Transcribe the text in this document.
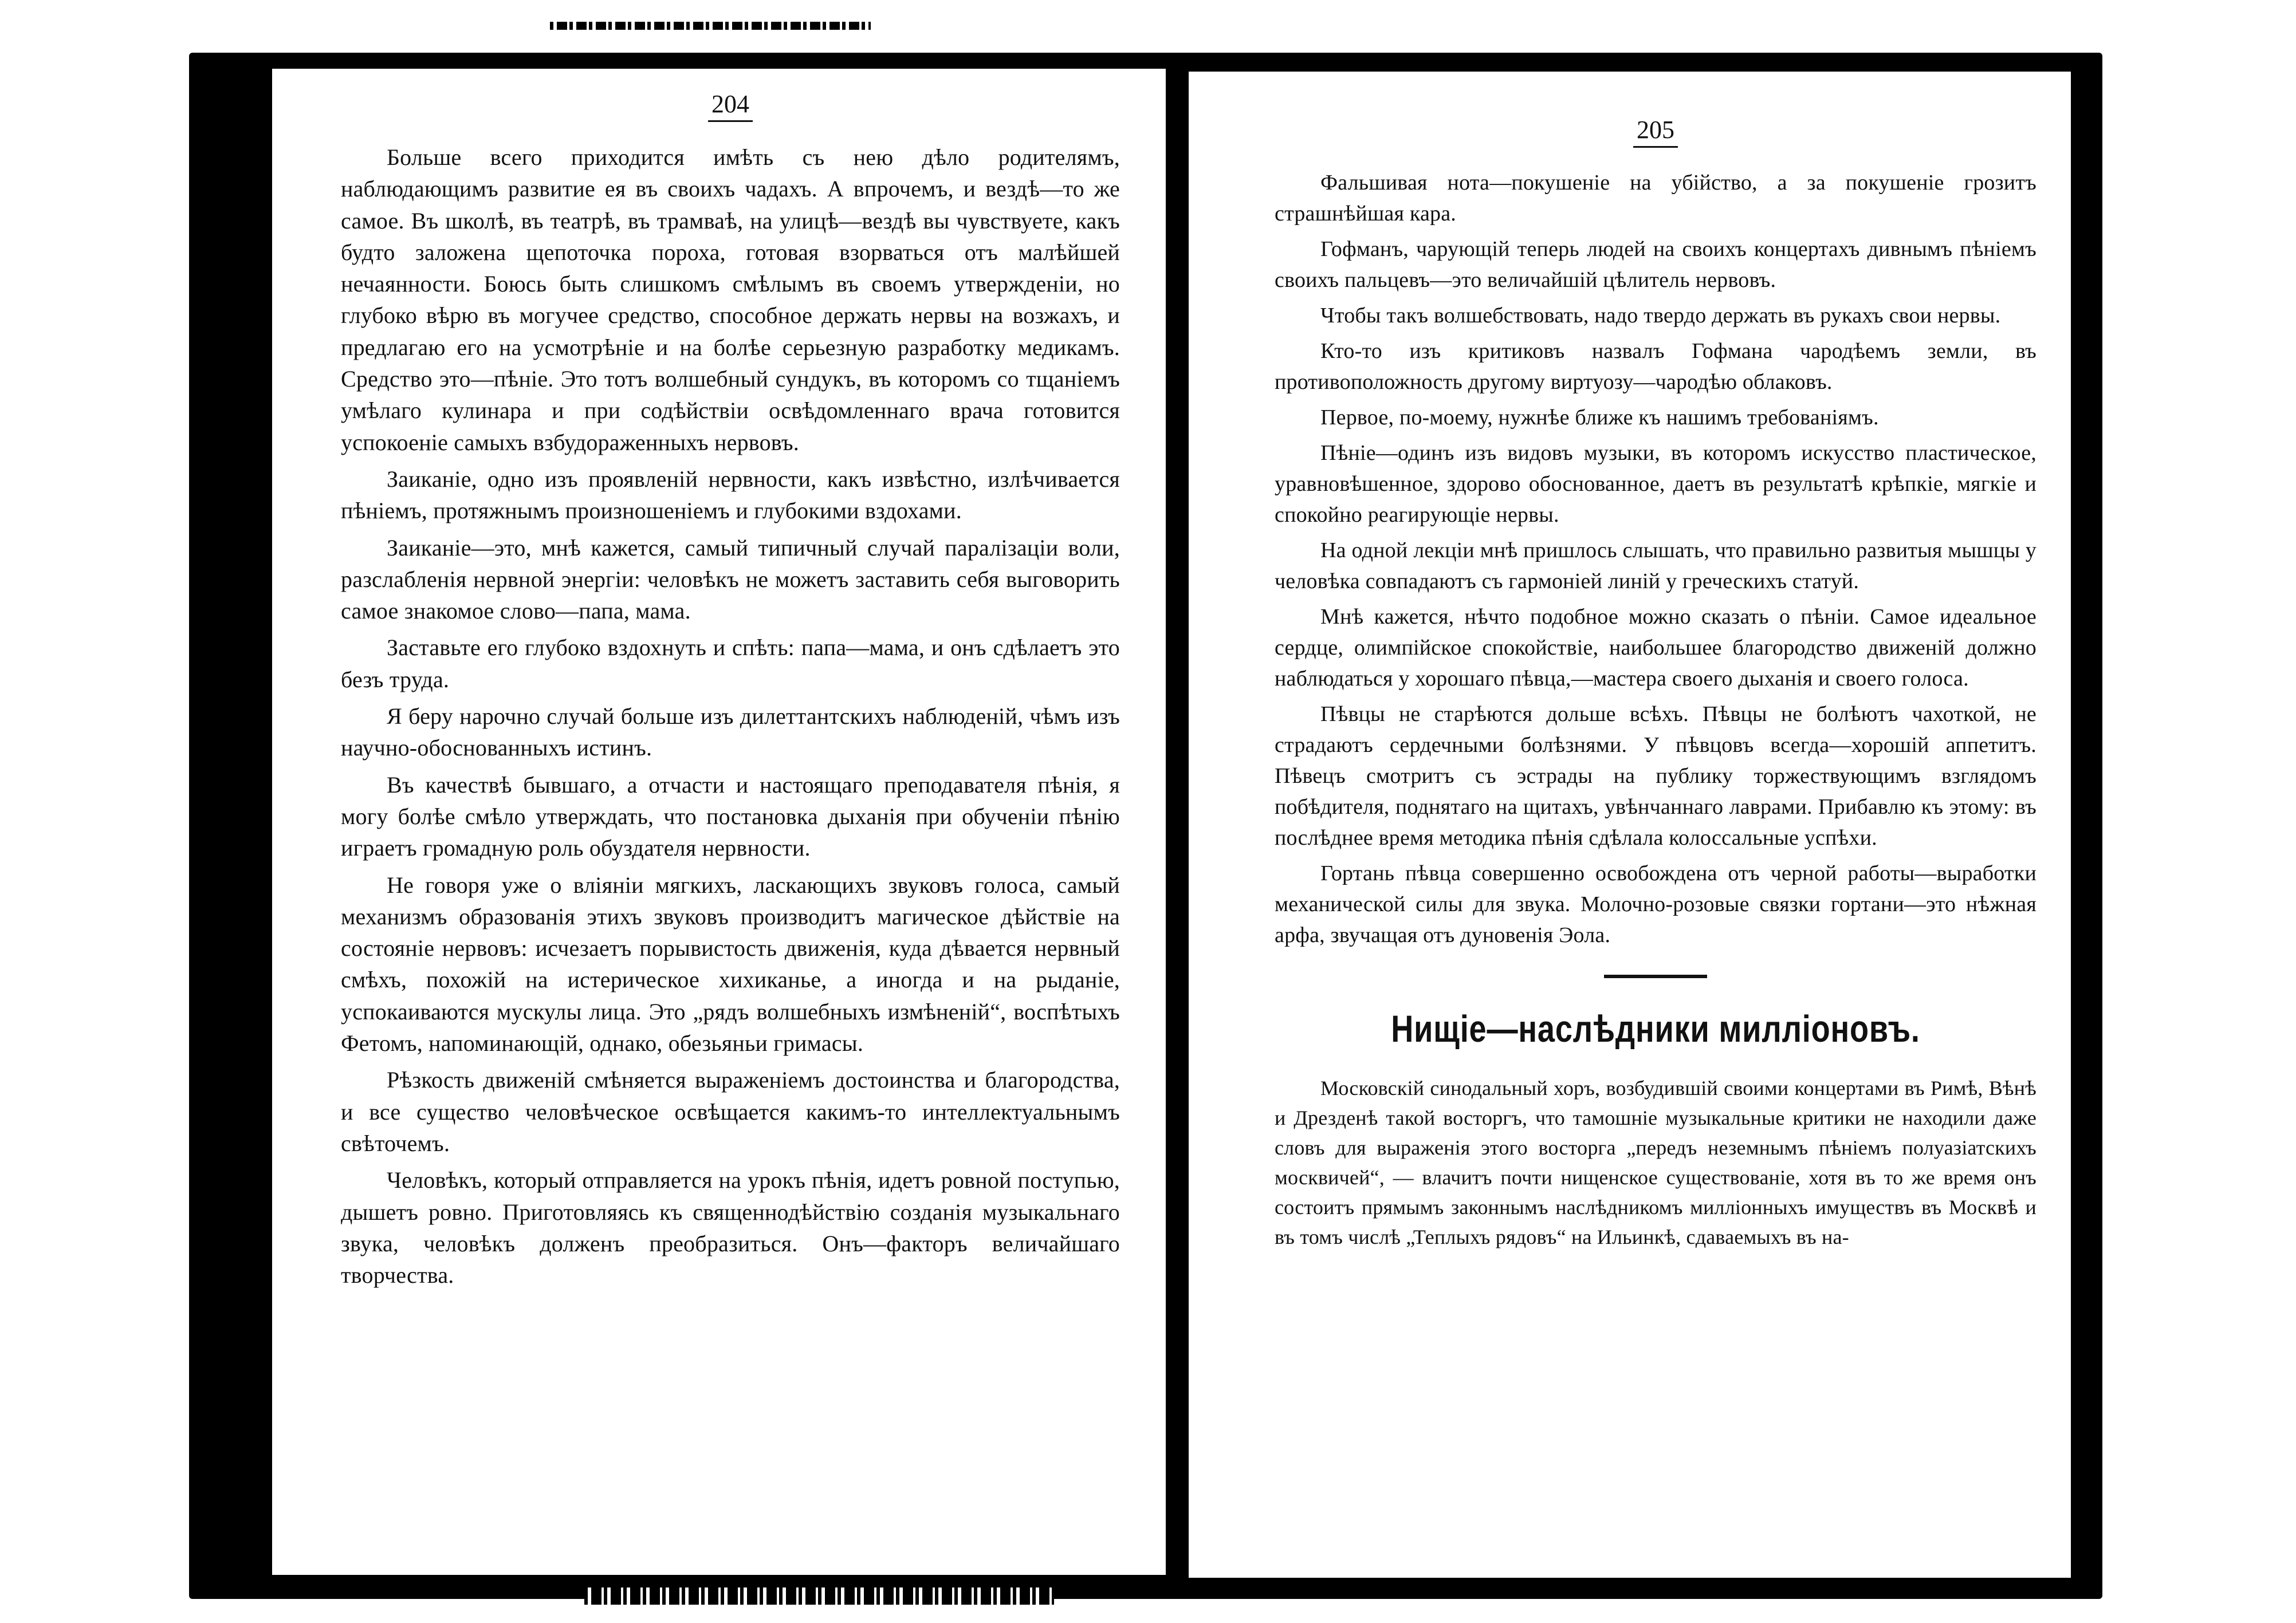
204

Больше всего приходится имѣть съ нею дѣло родителямъ, наблюдающимъ развитие ея въ своихъ чадахъ. А впрочемъ, и вездѣ—то же самое. Въ школѣ, въ театрѣ, въ трамваѣ, на улицѣ—вездѣ вы чувствуете, какъ будто заложена щепоточка пороха, готовая взорваться отъ малѣйшей нечаянности. Боюсь быть слишкомъ смѣлымъ въ своемъ утвержденіи, но глубоко вѣрю въ могучее средство, способное держать нервы на возжахъ, и предлагаю его на усмотрѣніе и на болѣе серьезную разработку медикамъ. Средство это—пѣніе. Это тотъ волшебный сундукъ, въ которомъ со тщаніемъ умѣлаго кулинара и при содѣйствіи освѣдомленнаго врача готовится успокоеніе самыхъ взбудораженныхъ нервовъ.

Заиканіе, одно изъ проявленій нервности, какъ извѣстно, излѣчивается пѣніемъ, протяжнымъ произношеніемъ и глубокими вздохами.

Заиканіе—это, мнѣ кажется, самый типичный случай паралізаціи воли, разслабленія нервной энергіи: человѣкъ не можетъ заставить себя выговорить самое знакомое слово—папа, мама.

Заставьте его глубоко вздохнуть и спѣть: папа—мама, и онъ сдѣлаетъ это безъ труда.

Я беру нарочно случай больше изъ дилеттантскихъ наблюденій, чѣмъ изъ научно-обоснованныхъ истинъ.

Въ качествѣ бывшаго, а отчасти и настоящаго преподавателя пѣнія, я могу болѣе смѣло утверждать, что постановка дыханія при обученіи пѣнію играетъ громадную роль обуздателя нервности.

Не говоря уже о вліяніи мягкихъ, ласкающихъ звуковъ голоса, самый механизмъ образованія этихъ звуковъ производитъ магическое дѣйствіе на состояніе нервовъ: исчезаетъ порывистость движенія, куда дѣвается нервный смѣхъ, похожій на истерическое хихиканье, а иногда и на рыданіе, успокаиваются мускулы лица. Это „рядъ волшебныхъ измѣненій“, воспѣтыхъ Фетомъ, напоминающій, однако, обезьяньи гримасы.

Рѣзкость движеній смѣняется выраженіемъ достоинства и благородства, и все существо человѣческое освѣщается какимъ-то интеллектуальнымъ свѣточемъ.

Человѣкъ, который отправляется на урокъ пѣнія, идетъ ровной поступью, дышетъ ровно. Приготовляясь къ священнодѣйствію созданія музыкальнаго звука, человѣкъ долженъ преобразиться. Онъ—факторъ величайшаго творчества.

205

Фальшивая нота—покушеніе на убійство, а за покушеніе грозитъ страшнѣйшая кара.

Гофманъ, чарующій теперь людей на своихъ концертахъ дивнымъ пѣніемъ своихъ пальцевъ—это величайшій цѣлитель нервовъ.

Чтобы такъ волшебствовать, надо твердо держать въ рукахъ свои нервы.

Кто-то изъ критиковъ назвалъ Гофмана чародѣемъ земли, въ противоположность другому виртуозу—чародѣю облаковъ.

Первое, по-моему, нужнѣе ближе къ нашимъ требованіямъ.

Пѣніе—одинъ изъ видовъ музыки, въ которомъ искусство пластическое, уравновѣшенное, здорово обоснованное, даетъ въ результатѣ крѣпкіе, мягкіе и спокойно реагирующіе нервы.

На одной лекціи мнѣ пришлось слышать, что правильно развитыя мышцы у человѣка совпадаютъ съ гармоніей линій у греческихъ статуй.

Мнѣ кажется, нѣчто подобное можно сказать о пѣніи. Самое идеальное сердце, олимпійское спокойствіе, наибольшее благородство движеній должно наблюдаться у хорошаго пѣвца,—мастера своего дыханія и своего голоса.

Пѣвцы не старѣются дольше всѣхъ. Пѣвцы не болѣютъ чахоткой, не страдаютъ сердечными болѣзнями. У пѣвцовъ всегда—хорошій аппетитъ. Пѣвецъ смотритъ съ эстрады на публику торжествующимъ взглядомъ побѣдителя, поднятаго на щитахъ, увѣнчаннаго лаврами. Прибавлю къ этому: въ послѣднее время методика пѣнія сдѣлала колоссальные успѣхи.

Гортань пѣвца совершенно освобождена отъ черной работы—выработки механической силы для звука. Молочно-розовые связки гортани—это нѣжная арфа, звучащая отъ дуновенія Эола.

Нищіе—наслѣдники милліоновъ.

Московскій синодальный хоръ, возбудившій своими концертами въ Римѣ, Вѣнѣ и Дрезденѣ такой восторгъ, что тамошніе музыкальные критики не находили даже словъ для выраженія этого восторга „передъ неземнымъ пѣніемъ полуазіатскихъ москвичей“, — влачитъ почти нищенское существованіе, хотя въ то же время онъ состоитъ прямымъ законнымъ наслѣдникомъ милліонныхъ имуществъ въ Москвѣ и въ томъ числѣ „Теплыхъ рядовъ“ на Ильинкѣ, сдаваемыхъ въ на-
